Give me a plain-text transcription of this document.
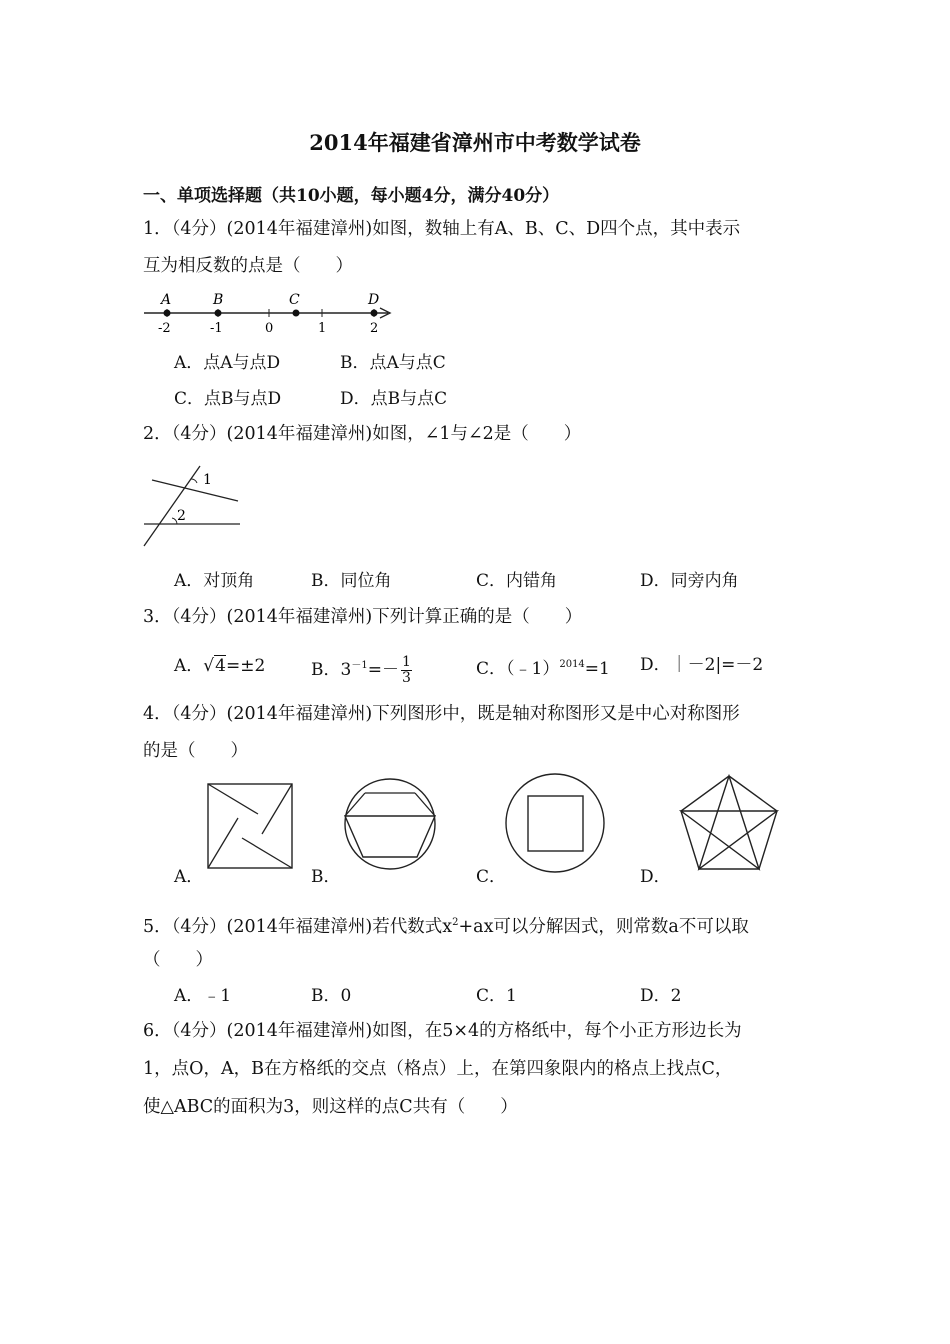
2014年福建省漳州市中考数学试卷
一、单项选择题（共10小题，每小题4分，满分40分）
1．（4分）(2014年福建漳州)如图，数轴上有A、B、C、D四个点，其中表示
互为相反数的点是（　　）
A	B	C	D
-2	-1	0	1	2
A．点A与点D	B．点A与点C
C．点B与点D	D．点B与点C
2．（4分）(2014年福建漳州)如图，∠1与∠2是（　　）
1
2
A．对顶角	B．同位角	C．内错角	D．同旁内角
3．（4分）(2014年福建漳州)下列计算正确的是（　　）
A．√4=±2	B．$3^{-1}=- \frac{1}{3}$	C．（﹣1）$^{2014}$=1 D．｜－2|=－2
4．（4分）(2014年福建漳州)下列图形中，既是轴对称图形又是中心对称图形
的是（　　）
A．	B．	C．	D．
5．（4分）(2014年福建漳州)若代数式$x^2+ax$可以分解因式，则常数a不可以取
（　　）
A．﹣1	B．0	C．1	D．2
6．（4分）(2014年福建漳州)如图，在5×4的方格纸中，每个小正方形边长为
1，点O，A，B在方格纸的交点（格点）上，在第四象限内的格点上找点C，
使△ABC的面积为3，则这样的点C共有（　　）
